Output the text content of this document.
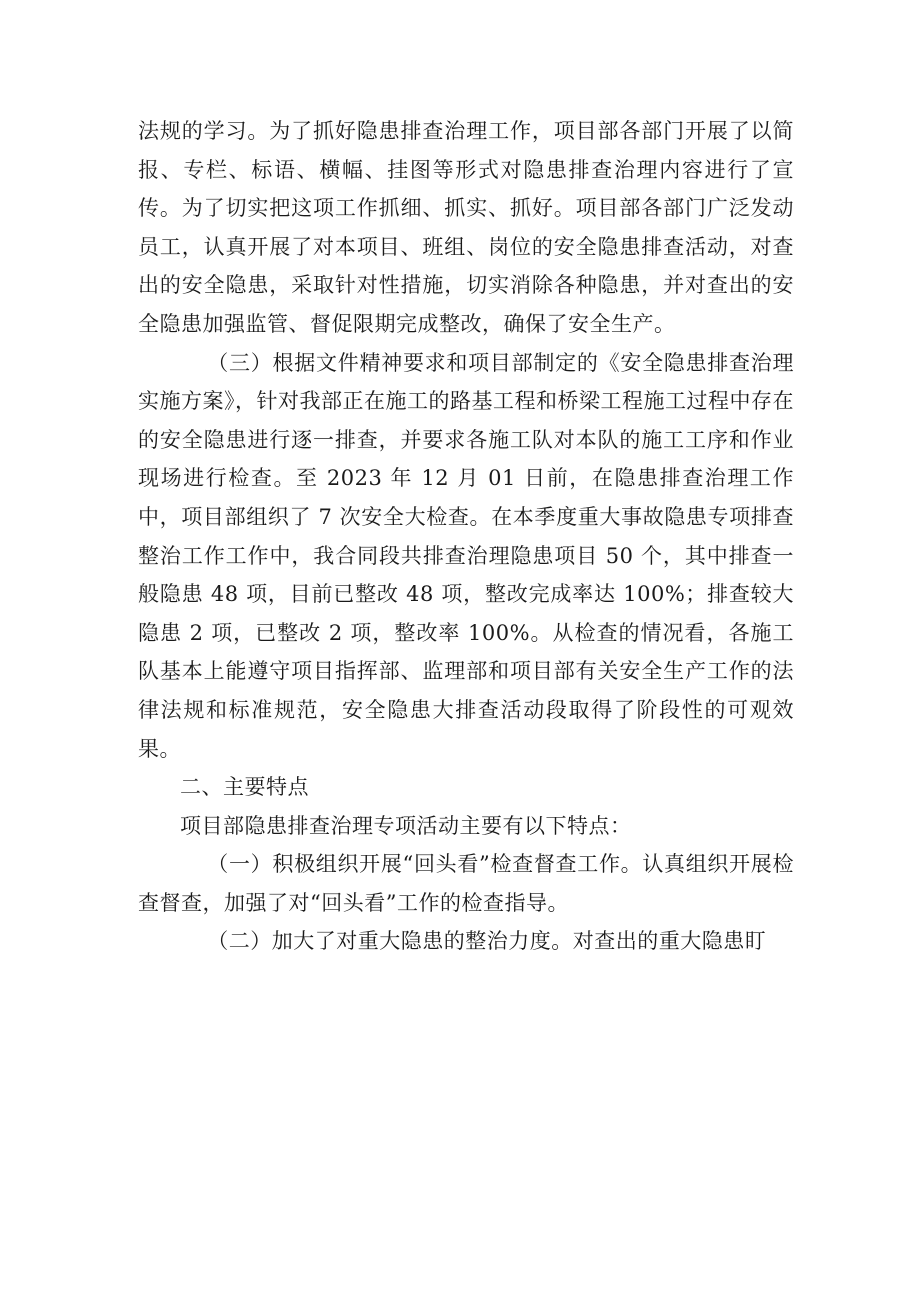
法规的学习。为了抓好隐患排查治理工作，项目部各部门开展了以简报、专栏、标语、横幅、挂图等形式对隐患排查治理内容进行了宣传。为了切实把这项工作抓细、抓实、抓好。项目部各部门广泛发动员工，认真开展了对本项目、班组、岗位的安全隐患排查活动，对查出的安全隐患，采取针对性措施，切实消除各种隐患，并对查出的安全隐患加强监管、督促限期完成整改，确保了安全生产。

（三）根据文件精神要求和项目部制定的《安全隐患排查治理实施方案》，针对我部正在施工的路基工程和桥梁工程施工过程中存在的安全隐患进行逐一排查，并要求各施工队对本队的施工工序和作业现场进行检查。至 2023 年 12 月 01 日前，在隐患排查治理工作中，项目部组织了 7 次安全大检查。在本季度重大事故隐患专项排查整治工作工作中，我合同段共排查治理隐患项目 50 个，其中排查一般隐患 48 项，目前已整改 48 项，整改完成率达 100%；排查较大隐患 2 项，已整改 2 项，整改率 100%。从检查的情况看，各施工队基本上能遵守项目指挥部、监理部和项目部有关安全生产工作的法律法规和标准规范，安全隐患大排查活动段取得了阶段性的可观效果。

二、主要特点

项目部隐患排查治理专项活动主要有以下特点：

（一）积极组织开展“回头看”检查督查工作。认真组织开展检查督查，加强了对“回头看”工作的检查指导。

（二）加大了对重大隐患的整治力度。对查出的重大隐患盯
